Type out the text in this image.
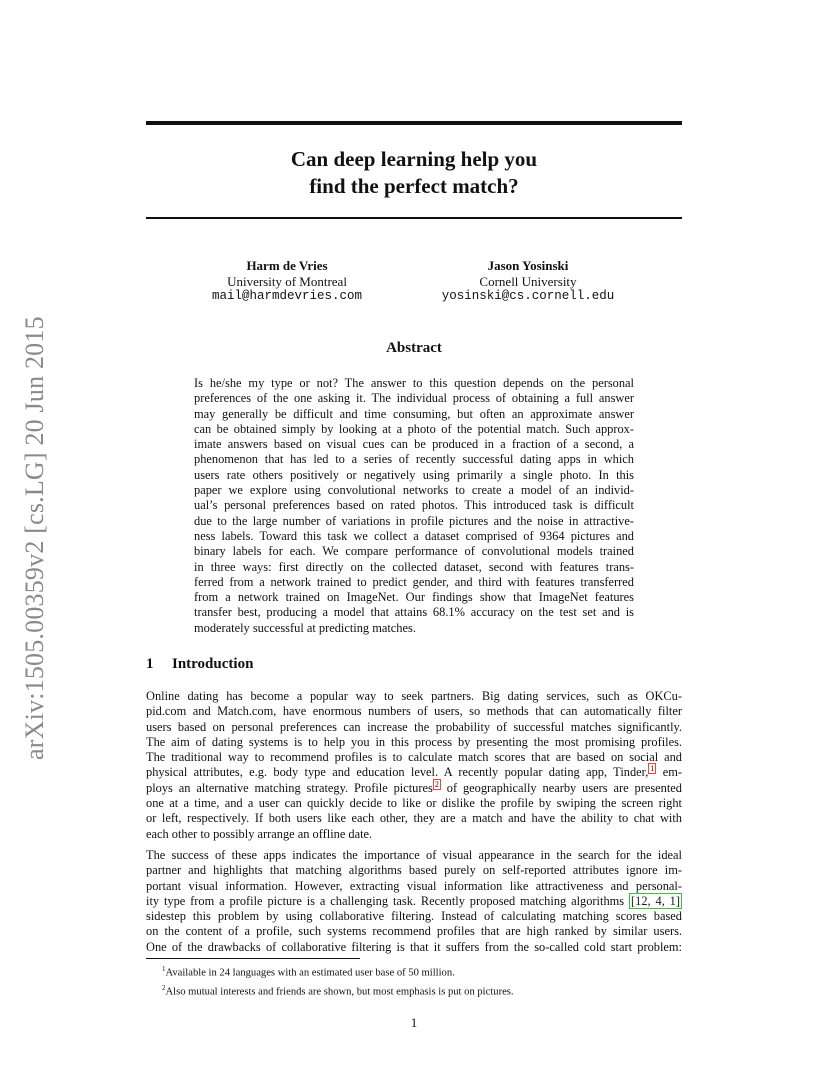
arXiv:1505.00359v2 [cs.LG] 20 Jun 2015
Can deep learning help you
find the perfect match?
Harm de Vries
University of Montreal
mail@harmdevries.com
Jason Yosinski
Cornell University
yosinski@cs.cornell.edu
Abstract
Is he/she my type or not? The answer to this question depends on the personal
preferences of the one asking it. The individual process of obtaining a full answer
may generally be difficult and time consuming, but often an approximate answer
can be obtained simply by looking at a photo of the potential match. Such approx-
imate answers based on visual cues can be produced in a fraction of a second, a
phenomenon that has led to a series of recently successful dating apps in which
users rate others positively or negatively using primarily a single photo. In this
paper we explore using convolutional networks to create a model of an individ-
ual’s personal preferences based on rated photos. This introduced task is difficult
due to the large number of variations in profile pictures and the noise in attractive-
ness labels. Toward this task we collect a dataset comprised of 9364 pictures and
binary labels for each. We compare performance of convolutional models trained
in three ways: first directly on the collected dataset, second with features trans-
ferred from a network trained to predict gender, and third with features transferred
from a network trained on ImageNet. Our findings show that ImageNet features
transfer best, producing a model that attains 68.1% accuracy on the test set and is
moderately successful at predicting matches.
1 Introduction
Online dating has become a popular way to seek partners. Big dating services, such as OKCu-
pid.com and Match.com, have enormous numbers of users, so methods that can automatically filter
users based on personal preferences can increase the probability of successful matches significantly.
The aim of dating systems is to help you in this process by presenting the most promising profiles.
The traditional way to recommend profiles is to calculate match scores that are based on social and
physical attributes, e.g. body type and education level. A recently popular dating app, Tinder, $^1$ em-
ploys an alternative matching strategy. Profile pictures $^2$ of geographically nearby users are presented
one at a time, and a user can quickly decide to like or dislike the profile by swiping the screen right
or left, respectively. If both users like each other, they are a match and have the ability to chat with
each other to possibly arrange an offline date.
The success of these apps indicates the importance of visual appearance in the search for the ideal
partner and highlights that matching algorithms based purely on self-reported attributes ignore im-
portant visual information. However, extracting visual information like attractiveness and personal-
ity type from a profile picture is a challenging task. Recently proposed matching algorithms [12, 4, 1]
sidestep this problem by using collaborative filtering. Instead of calculating matching scores based
on the content of a profile, such systems recommend profiles that are high ranked by similar users.
One of the drawbacks of collaborative filtering is that it suffers from the so-called cold start problem:
$^1$Available in 24 languages with an estimated user base of 50 million.
$^2$Also mutual interests and friends are shown, but most emphasis is put on pictures.
1
